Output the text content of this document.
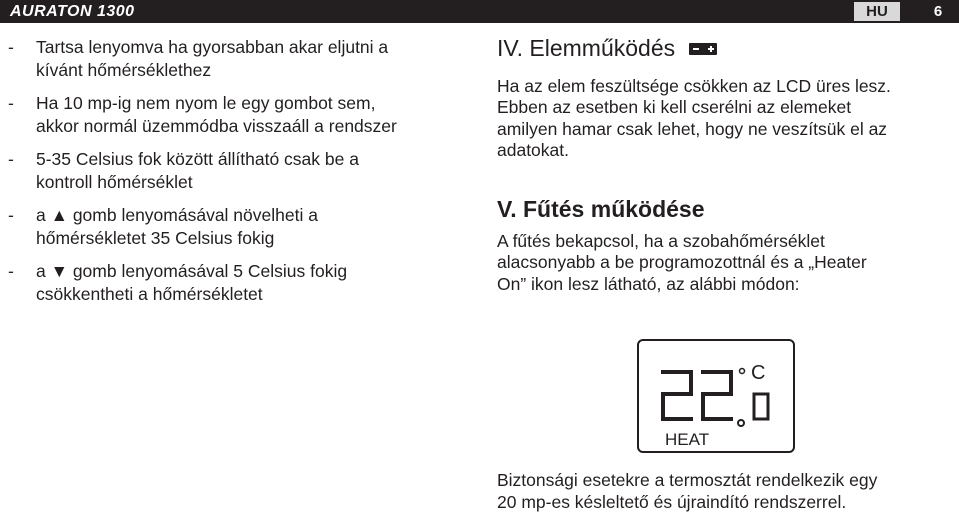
AURATON 1300	HU	6
- Tartsa lenyomva ha gyorsabban akar eljutni a
kívánt hőmérséklethez
- Ha 10 mp-ig nem nyom le egy gombot sem,
akkor normál üzemmódba visszaáll a rendszer
- 5-35 Celsius fok között állítható csak be a
kontroll hőmérséklet
- a ▲ gomb lenyomásával növelheti a
hőmérsékletet 35 Celsius fokig
- a ▼ gomb lenyomásával 5 Celsius fokig
csökkentheti a hőmérsékletet
IV. Elemműködés

Ha az elem feszültsége csökken az LCD üres lesz.

Ebben az esetben ki kell cserélni az elemeket

amilyen hamar csak lehet, hogy ne veszítsük el az

adatokat.

V. Fűtés működése

A fűtés bekapcsol, ha a szobahőmérséklet

alacsonyabb a be programozottnál és a „Heater

On” ikon lesz látható, az alábbi módon:

C
HEAT

Biztonsági esetekre a termosztát rendelkezik egy

20 mp-es késleltető és újraindító rendszerrel.
